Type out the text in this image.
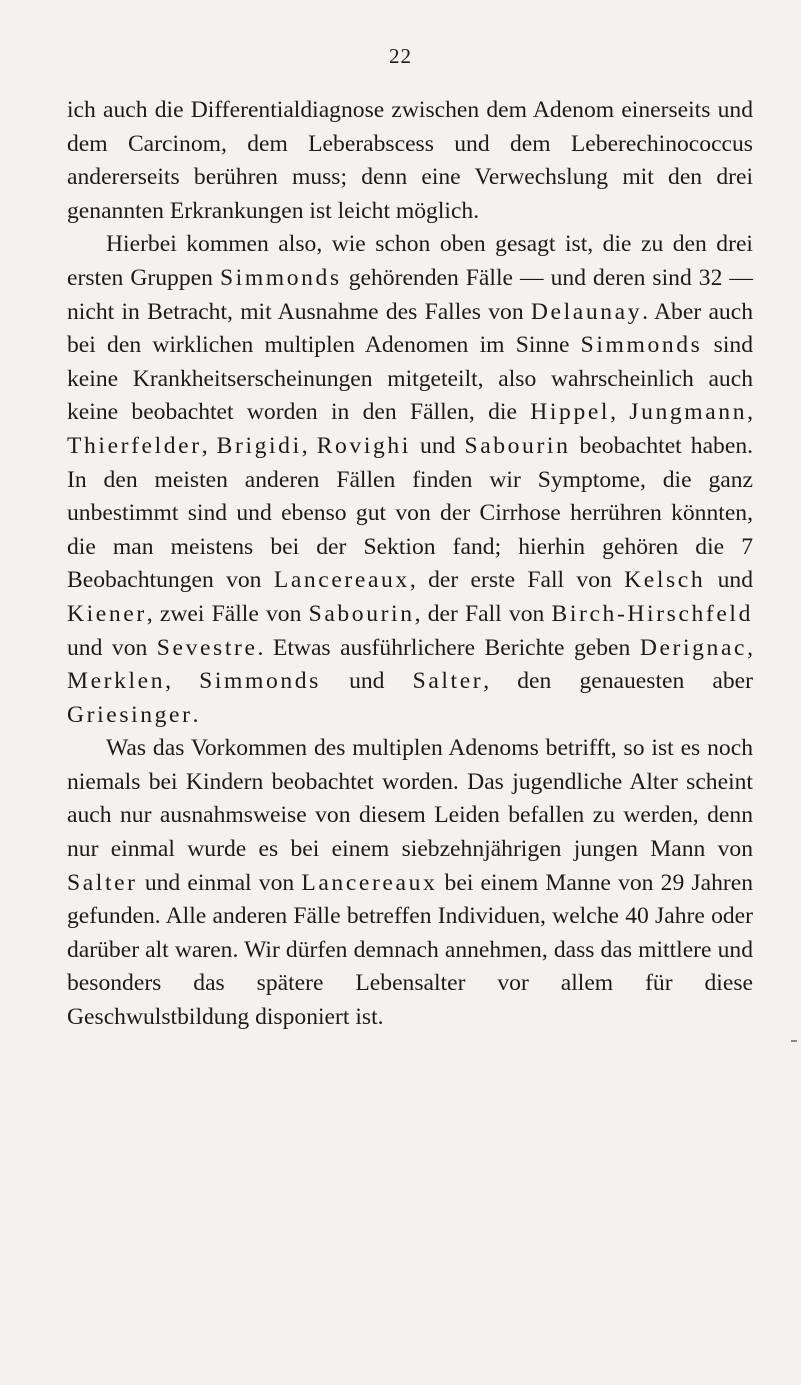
22

ich auch die Differentialdiagnose zwischen dem Adenom einerseits und dem Carcinom, dem Leberabscess und dem Leberechinococcus andererseits berühren muss; denn eine Verwechslung mit den drei genannten Erkrankungen ist leicht möglich.

Hierbei kommen also, wie schon oben gesagt ist, die zu den drei ersten Gruppen Simmonds gehörenden Fälle — und deren sind 32 — nicht in Betracht, mit Ausnahme des Falles von Delaunay. Aber auch bei den wirklichen multiplen Adenomen im Sinne Simmonds sind keine Krankheitserscheinungen mitgeteilt, also wahrscheinlich auch keine beobachtet worden in den Fällen, die Hippel, Jungmann, Thierfelder, Brigidi, Rovighi und Sabourin beobachtet haben. In den meisten anderen Fällen finden wir Symptome, die ganz unbestimmt sind und ebenso gut von der Cirrhose herrühren könnten, die man meistens bei der Sektion fand; hierhin gehören die 7 Beobachtungen von Lancereaux, der erste Fall von Kelsch und Kiener, zwei Fälle von Sabourin, der Fall von Birch-Hirschfeld und von Sevestre. Etwas ausführlichere Berichte geben Derignac, Merklen, Simmonds und Salter, den genauesten aber Griesinger.

Was das Vorkommen des multiplen Adenoms betrifft, so ist es noch niemals bei Kindern beobachtet worden. Das jugendliche Alter scheint auch nur ausnahmsweise von diesem Leiden befallen zu werden, denn nur einmal wurde es bei einem siebzehnjährigen jungen Mann von Salter und einmal von Lancereaux bei einem Manne von 29 Jahren gefunden. Alle anderen Fälle betreffen Individuen, welche 40 Jahre oder darüber alt waren. Wir dürfen demnach annehmen, dass das mittlere und besonders das spätere Lebensalter vor allem für diese Geschwulstbildung disponiert ist.
